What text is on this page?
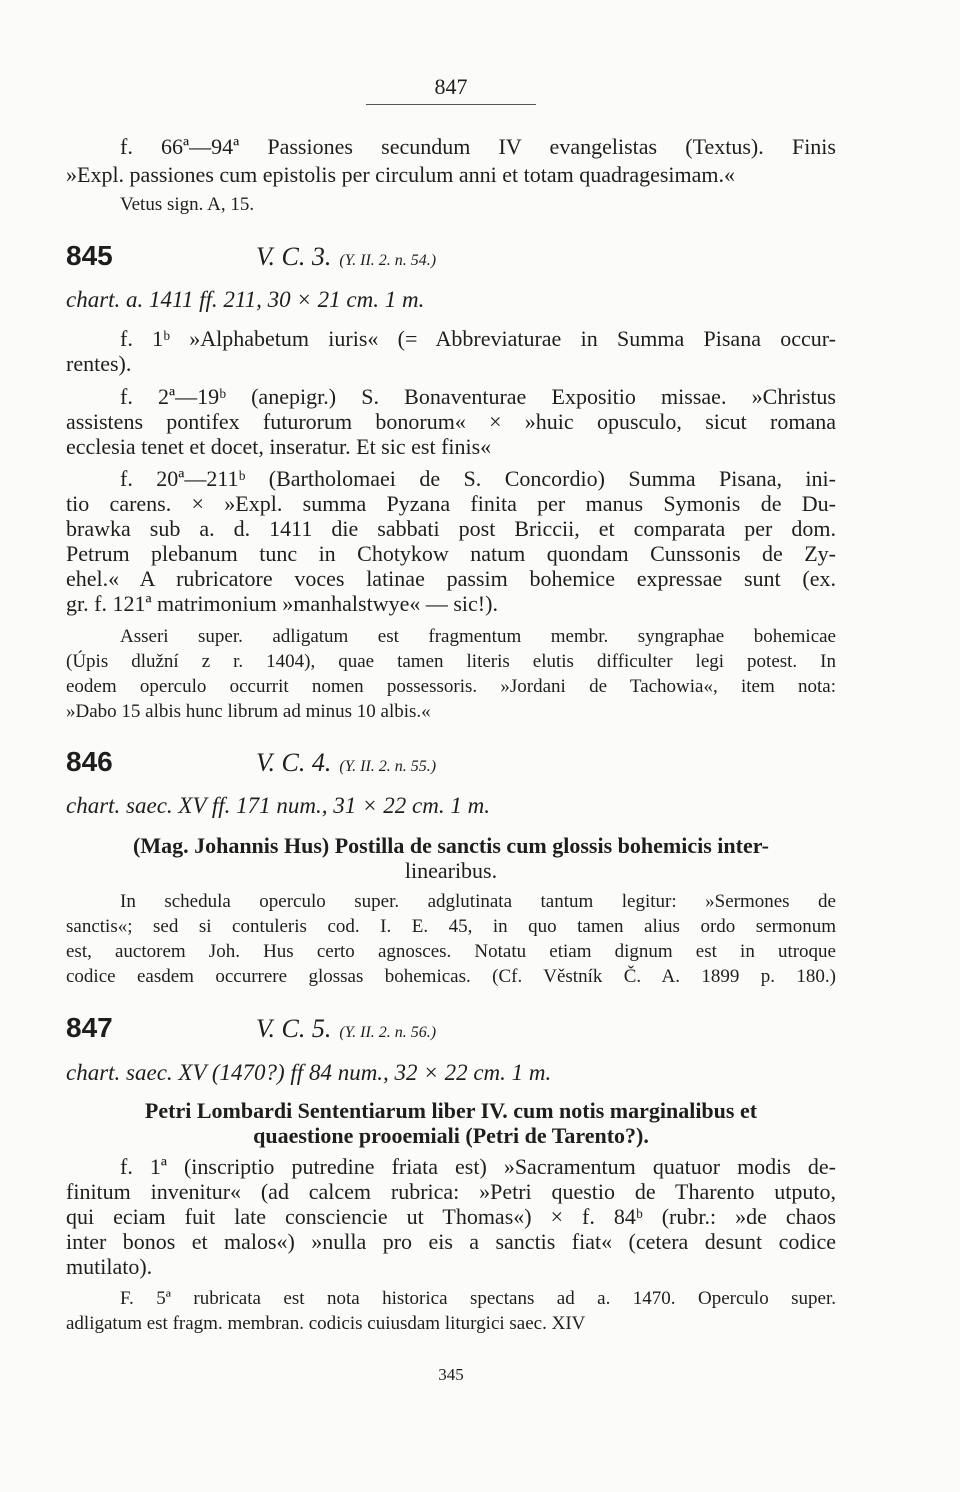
847
f. 66ª—94ª Passiones secundum IV evangelistas (Textus). Finis
»Expl. passiones cum epistolis per circulum anni et totam quadragesimam.«
Vetus sign. A, 15.
845	V. C. 3. (Y. II. 2. n. 54.)
chart. a. 1411 ff. 211, 30 × 21 cm. 1 m.
f. 1ᵇ »Alphabetum iuris« (= Abbreviaturae in Summa Pisana occur-
rentes).
f. 2ª—19ᵇ (anepigr.) S. Bonaventurae Expositio missae. »Christus
assistens pontifex futurorum bonorum« × »huic opusculo, sicut romana
ecclesia tenet et docet, inseratur. Et sic est finis«
f. 20ª—211ᵇ (Bartholomaei de S. Concordio) Summa Pisana, ini-
tio carens. × »Expl. summa Pyzana finita per manus Symonis de Du-
brawka sub a. d. 1411 die sabbati post Briccii, et comparata per dom.
Petrum plebanum tunc in Chotykow natum quondam Cunssonis de Zy-
ehel.« A rubricatore voces latinae passim bohemice expressae sunt (ex.
gr. f. 121ª matrimonium »manhalstwye« — sic!).
Asseri super. adligatum est fragmentum membr. syngraphae bohemicae
(Úpis dlužní z r. 1404), quae tamen literis elutis difficulter legi potest. In
eodem operculo occurrit nomen possessoris. »Jordani de Tachowia«, item nota:
»Dabo 15 albis hunc librum ad minus 10 albis.«
846	V. C. 4. (Y. II. 2. n. 55.)
chart. saec. XV ff. 171 num., 31 × 22 cm. 1 m.
(Mag. Johannis Hus) Postilla de sanctis cum glossis bohemicis inter-
linearibus.
In schedula operculo super. adglutinata tantum legitur: »Sermones de
sanctis«; sed si contuleris cod. I. E. 45, in quo tamen alius ordo sermonum
est, auctorem Joh. Hus certo agnosces. Notatu etiam dignum est in utroque
codice easdem occurrere glossas bohemicas. (Cf. Věstník Č. A. 1899 p. 180.)
847	V. C. 5. (Y. II. 2. n. 56.)
chart. saec. XV (1470?) ff 84 num., 32 × 22 cm. 1 m.
Petri Lombardi Sententiarum liber IV. cum notis marginalibus et
quaestione prooemiali (Petri de Tarento?).
f. 1ª (inscriptio putredine friata est) »Sacramentum quatuor modis de-
finitum invenitur« (ad calcem rubrica: »Petri questio de Tharento utputo,
qui eciam fuit late consciencie ut Thomas«) × f. 84ᵇ (rubr.: »de chaos
inter bonos et malos«) »nulla pro eis a sanctis fiat« (cetera desunt codice
mutilato).
F. 5ª rubricata est nota historica spectans ad a. 1470. Operculo super.
adligatum est fragm. membran. codicis cuiusdam liturgici saec. XIV
345
